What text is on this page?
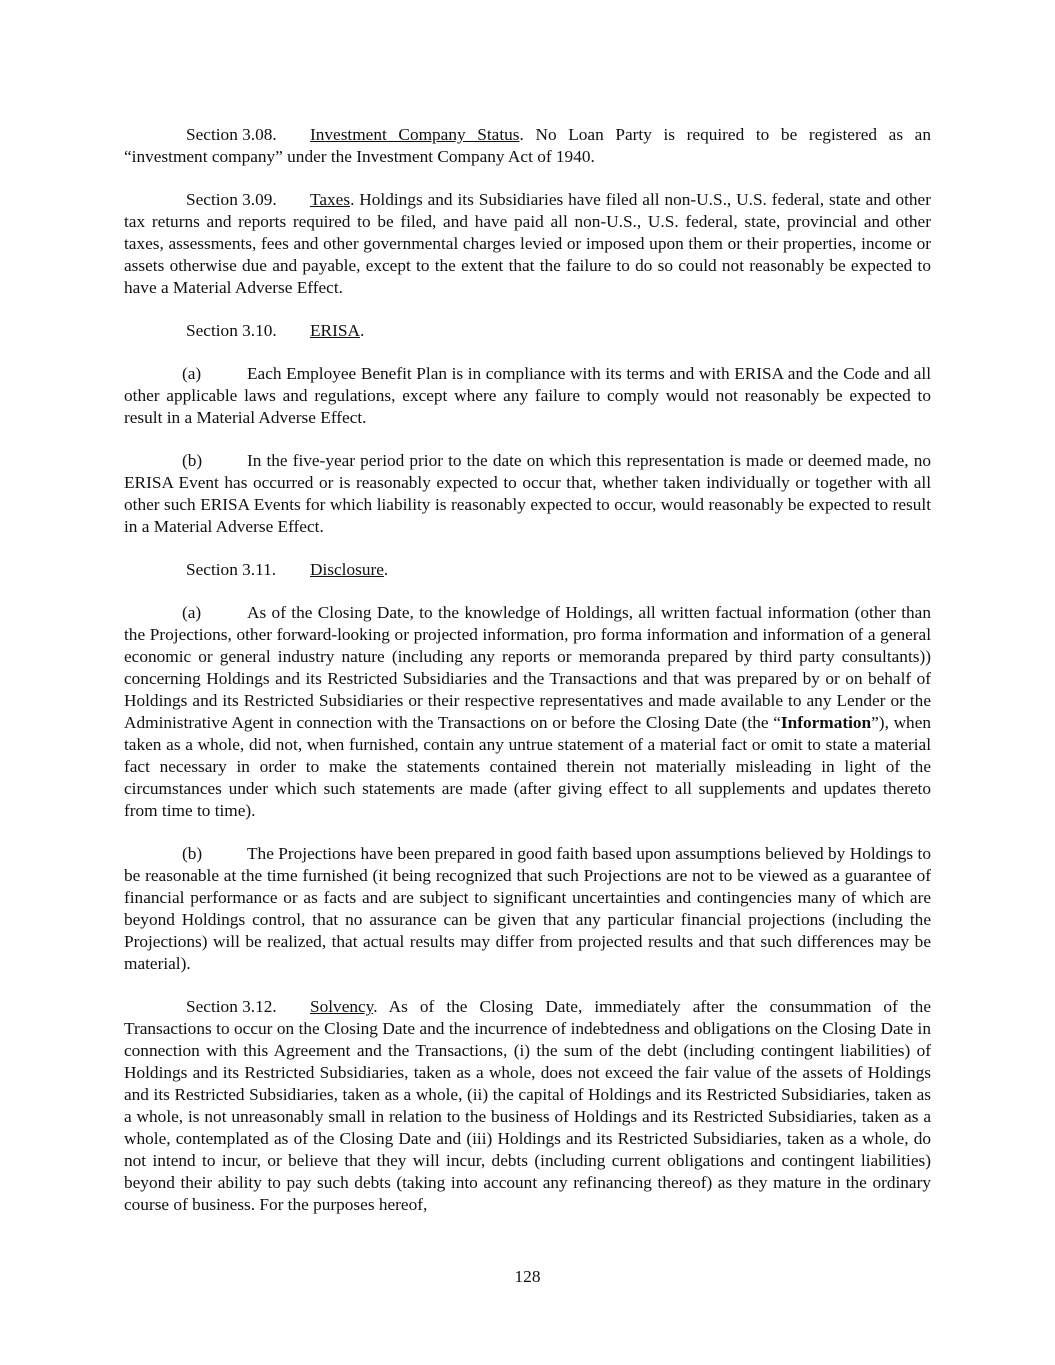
Section 3.08. Investment Company Status. No Loan Party is required to be registered as an “investment company” under the Investment Company Act of 1940.

Section 3.09. Taxes. Holdings and its Subsidiaries have filed all non-U.S., U.S. federal, state and other tax returns and reports required to be filed, and have paid all non-U.S., U.S. federal, state, provincial and other taxes, assessments, fees and other governmental charges levied or imposed upon them or their properties, income or assets otherwise due and payable, except to the extent that the failure to do so could not reasonably be expected to have a Material Adverse Effect.

Section 3.10. ERISA.

(a)	Each Employee Benefit Plan is in compliance with its terms and with ERISA and the Code and all other applicable laws and regulations, except where any failure to comply would not reasonably be expected to result in a Material Adverse Effect.

(b)	In the five-year period prior to the date on which this representation is made or deemed made, no ERISA Event has occurred or is reasonably expected to occur that, whether taken individually or together with all other such ERISA Events for which liability is reasonably expected to occur, would reasonably be expected to result in a Material Adverse Effect.

Section 3.11. Disclosure.

(a)	As of the Closing Date, to the knowledge of Holdings, all written factual information (other than the Projections, other forward-looking or projected information, pro forma information and information of a general economic or general industry nature (including any reports or memoranda prepared by third party consultants)) concerning Holdings and its Restricted Subsidiaries and the Transactions and that was prepared by or on behalf of Holdings and its Restricted Subsidiaries or their respective representatives and made available to any Lender or the Administrative Agent in connection with the Transactions on or before the Closing Date (the “Information”), when taken as a whole, did not, when furnished, contain any untrue statement of a material fact or omit to state a material fact necessary in order to make the statements contained therein not materially misleading in light of the circumstances under which such statements are made (after giving effect to all supplements and updates thereto from time to time).

(b)	The Projections have been prepared in good faith based upon assumptions believed by Holdings to be reasonable at the time furnished (it being recognized that such Projections are not to be viewed as a guarantee of financial performance or as facts and are subject to significant uncertainties and contingencies many of which are beyond Holdings control, that no assurance can be given that any particular financial projections (including the Projections) will be realized, that actual results may differ from projected results and that such differences may be material).

Section 3.12. Solvency. As of the Closing Date, immediately after the consummation of the Transactions to occur on the Closing Date and the incurrence of indebtedness and obligations on the Closing Date in connection with this Agreement and the Transactions, (i) the sum of the debt (including contingent liabilities) of Holdings and its Restricted Subsidiaries, taken as a whole, does not exceed the fair value of the assets of Holdings and its Restricted Subsidiaries, taken as a whole, (ii) the capital of Holdings and its Restricted Subsidiaries, taken as a whole, is not unreasonably small in relation to the business of Holdings and its Restricted Subsidiaries, taken as a whole, contemplated as of the Closing Date and (iii) Holdings and its Restricted Subsidiaries, taken as a whole, do not intend to incur, or believe that they will incur, debts (including current obligations and contingent liabilities) beyond their ability to pay such debts (taking into account any refinancing thereof) as they mature in the ordinary course of business. For the purposes hereof,

128
